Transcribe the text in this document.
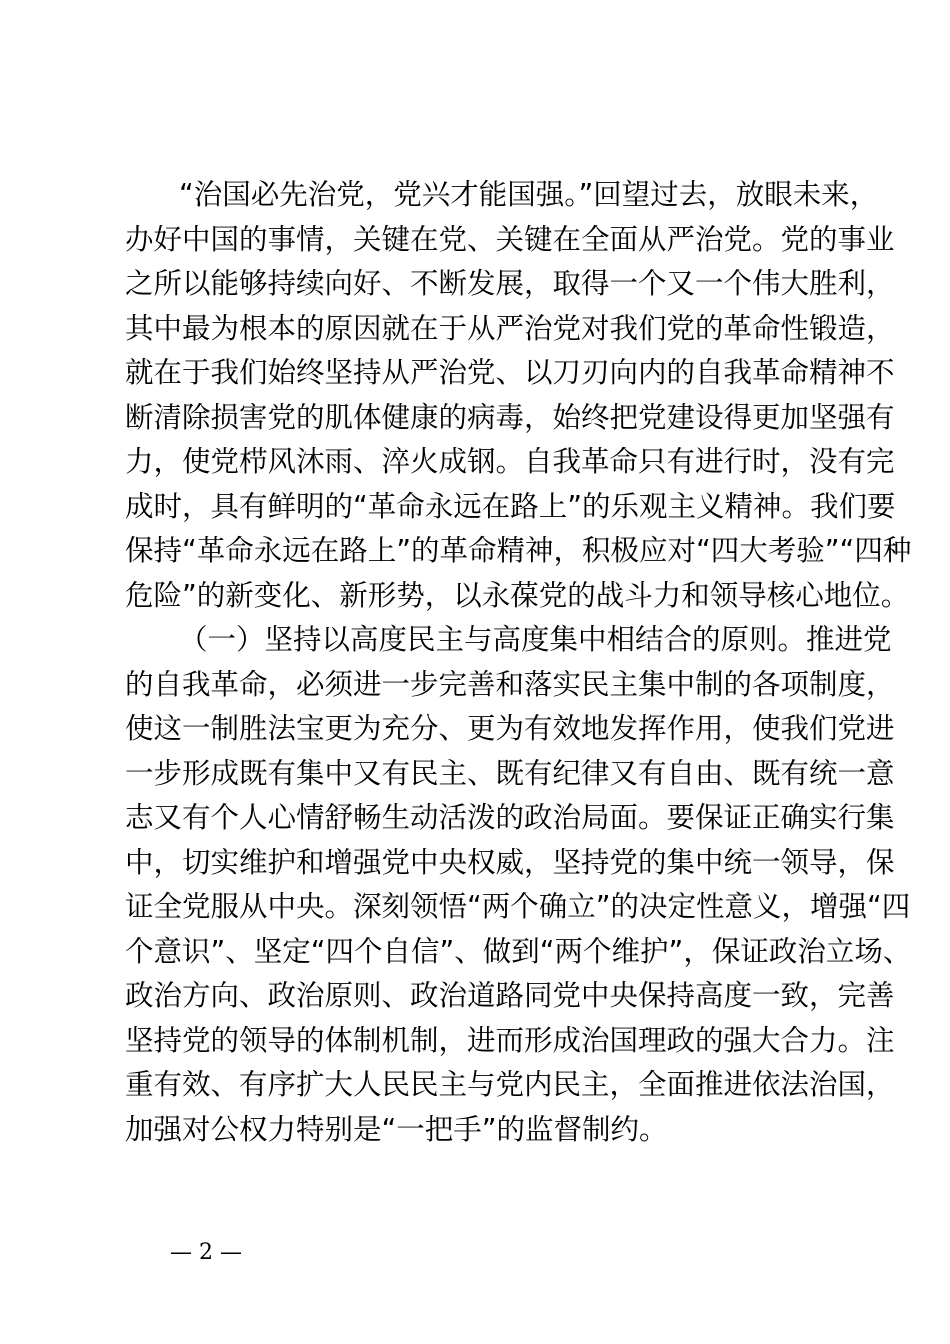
“治国必先治党，党兴才能国强。”回望过去，放眼未来，
办好中国的事情，关键在党、关键在全面从严治党。党的事业
之所以能够持续向好、不断发展，取得一个又一个伟大胜利，
其中最为根本的原因就在于从严治党对我们党的革命性锻造，
就在于我们始终坚持从严治党、以刀刃向内的自我革命精神不
断清除损害党的肌体健康的病毒，始终把党建设得更加坚强有
力，使党栉风沐雨、淬火成钢。自我革命只有进行时，没有完
成时，具有鲜明的“革命永远在路上”的乐观主义精神。我们要
保持“革命永远在路上”的革命精神，积极应对“四大考验”“四种
危险”的新变化、新形势，以永葆党的战斗力和领导核心地位。
（一）坚持以高度民主与高度集中相结合的原则。推进党
的自我革命，必须进一步完善和落实民主集中制的各项制度，
使这一制胜法宝更为充分、更为有效地发挥作用，使我们党进
一步形成既有集中又有民主、既有纪律又有自由、既有统一意
志又有个人心情舒畅生动活泼的政治局面。要保证正确实行集
中，切实维护和增强党中央权威，坚持党的集中统一领导，保
证全党服从中央。深刻领悟“两个确立”的决定性意义，增强“四
个意识”、坚定“四个自信”、做到“两个维护”，保证政治立场、
政治方向、政治原则、政治道路同党中央保持高度一致，完善
坚持党的领导的体制机制，进而形成治国理政的强大合力。注
重有效、有序扩大人民民主与党内民主，全面推进依法治国，
加强对公权力特别是“一把手”的监督制约。
— 2 —
